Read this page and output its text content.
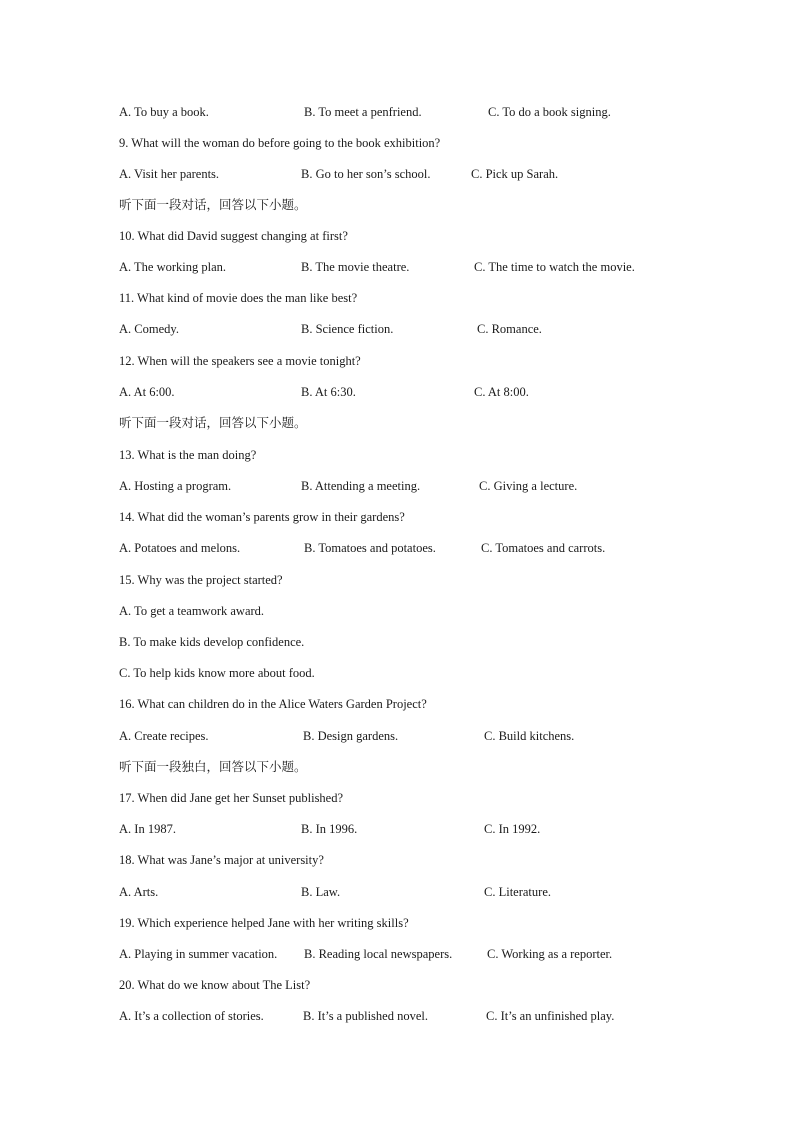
A. To buy a book.	B. To meet a penfriend.	C. To do a book signing.
9. What will the woman do before going to the book exhibition?
A. Visit her parents.	B. Go to her son’s school.	C. Pick up Sarah.
听下面一段对话，回答以下小题。
10. What did David suggest changing at first?
A. The working plan.	B. The movie theatre.	C. The time to watch the movie.
11. What kind of movie does the man like best?
A. Comedy.	B. Science fiction.	C. Romance.
12. When will the speakers see a movie tonight?
A. At 6:00.	B. At 6:30.	C. At 8:00.
听下面一段对话，回答以下小题。
13. What is the man doing?
A. Hosting a program.	B. Attending a meeting.	C. Giving a lecture.
14. What did the woman’s parents grow in their gardens?
A. Potatoes and melons.	B. Tomatoes and potatoes.	C. Tomatoes and carrots.
15. Why was the project started?
A. To get a teamwork award.
B. To make kids develop confidence.
C. To help kids know more about food.
16. What can children do in the Alice Waters Garden Project?
A. Create recipes.	B. Design gardens.	C. Build kitchens.
听下面一段独白，回答以下小题。
17. When did Jane get her Sunset published?
A. In 1987.	B. In 1996.	C. In 1992.
18. What was Jane’s major at university?
A. Arts.	B. Law.	C. Literature.
19. Which experience helped Jane with her writing skills?
A. Playing in summer vacation. B. Reading local newspapers.	C. Working as a reporter.
20. What do we know about The List?
A. It’s a collection of stories.	B. It’s a published novel.	C. It’s an unfinished play.
